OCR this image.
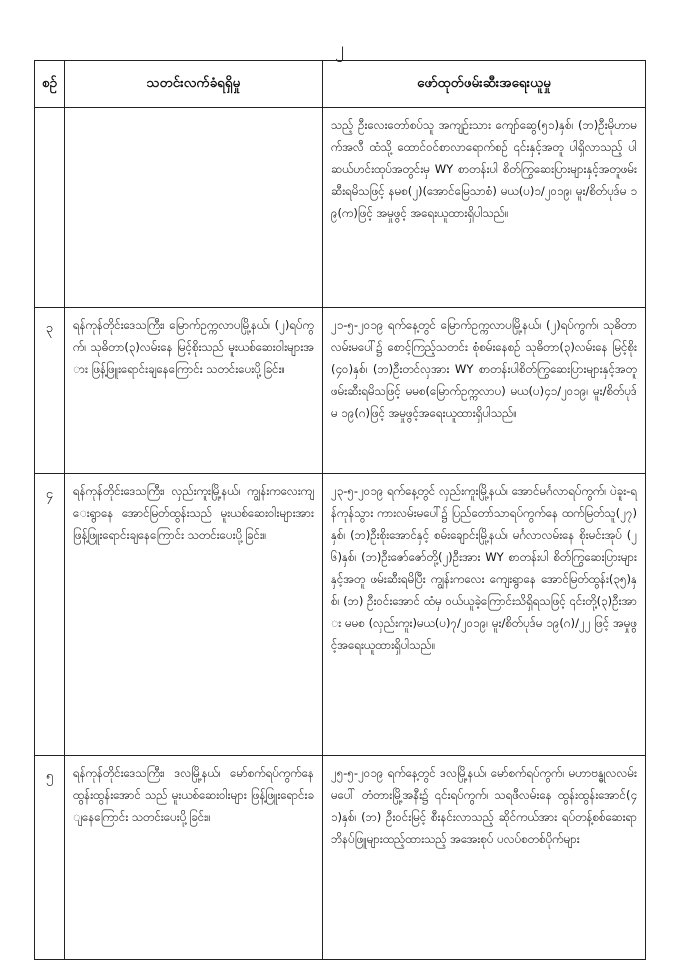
၂
စဉ်	သတင်းလက်ခံရရှိမှု	ဖော်ထုတ်ဖမ်းဆီးအရေးယူမှု
		သည့် ဦးလေးတော်စပ်သူ အကျဉ်းသား ကျော်ဆွေ(၅၁)နှစ်၊ (ဘ)ဦးမိုဟာမက်အလီ ထံသို့ ထောင်ဝင်စာလာရောက်စဉ် ၎င်းနှင့်အတူ ပါရှိလာသည့် ပါဆယ်ဟင်းထုပ်အတွင်းမှ WY စာတန်းပါ စိတ်ကြွဆေးပြားများနှင့်အတူဖမ်းဆီးရမိသဖြင့် နမစ(၂)(အောင်မြေသာစံ) မယ(ပ)၁/၂၀၁၉၊ မူး/စိတ်ပုဒ်မ ၁၉(က)ဖြင့် အမှုဖွင့် အရေးယူထားရှိပါသည်။
၃	ရန်ကုန်တိုင်းဒေသကြီး၊ မြောက်ဥက္ကလာပမြို့နယ်၊ (၂)ရပ်ကွက်၊ သုဓိတာ(၃)လမ်းနေ မြင့်စိုးသည် မူးယစ်ဆေးဝါးများအား ဖြန့်ဖြူးရောင်းချနေကြောင်း သတင်းပေးပို့ခြင်း။	၂၁-၅-၂၀၁၉ ရက်နေ့တွင် မြောက်ဥက္ကလာပမြို့နယ်၊ (၂)ရပ်ကွက်၊ သုဓိတာလမ်းမပေါ်၌ စောင့်ကြည့်သတင်း စုံစမ်းနေစဉ် သုဓိတာ(၃)လမ်းနေ မြင့်စိုး(၄၀)နှစ်၊ (ဘ)ဦးတင်လှအား WY စာတန်းပါစိတ်ကြွဆေးပြားများနှင့်အတူ ဖမ်းဆီးရမိသဖြင့် မမစ(မြောက်ဥက္ကလာပ) မယ(ပ)၄၁/၂၀၁၉၊ မူး/စိတ်ပုဒ်မ ၁၉(ဂ)ဖြင့် အမှုဖွင့်အရေးယူထားရှိပါသည်။
၄	ရန်ကုန်တိုင်းဒေသကြီး၊ လှည်းကူးမြို့နယ်၊ ကျွန်းကလေးကျေးရွာနေ အောင်မြတ်ထွန်းသည် မူးယစ်ဆေးဝါးများအား ဖြန့်ဖြူးရောင်းချနေကြောင်း သတင်းပေးပို့ခြင်း။	၂၃-၅-၂၀၁၉ ရက်နေ့တွင် လှည်းကူးမြို့နယ်၊ အောင်မင်္ဂလာရပ်ကွက်၊ ပဲခူး-ရန်ကုန်သွား ကားလမ်းမပေါ်၌ ပြည်တော်သာရပ်ကွက်နေ ထက်မြတ်သူ(၂၇)နှစ်၊ (ဘ)ဦးစိုးအောင်နှင့် စမ်းချောင်းမြို့နယ်၊ မင်္ဂလာလမ်းနေ စိုးမင်းအုပ် (၂၆)နှစ်၊ (ဘ)ဦးဇော်ဇော်တို့(၂)ဦးအား WY စာတန်းပါ စိတ်ကြွဆေးပြားများနှင့်အတူ ဖမ်းဆီးရမိပြီး ကျွန်းကလေး ကျေးရွာနေ အောင်မြတ်ထွန်း(၃၅)နှစ်၊ (ဘ) ဦးဝင်းအောင် ထံမှ ဝယ်ယူခဲ့ကြောင်းသိရှိရသဖြင့် ၎င်းတို့(၃)ဦးအား မမစ (လှည်းကူး)မယ(ပ)၇/၂၀၁၉၊ မူး/စိတ်ပုဒ်မ ၁၉(ဂ)/၂၂ ဖြင့် အမှုဖွင့်အရေးယူထားရှိပါသည်။
၅	ရန်ကုန်တိုင်းဒေသကြီး၊ ဒလမြို့နယ်၊ မော်စက်ရပ်ကွက်နေ ထွန်းထွန်းအောင် သည် မူးယစ်ဆေးဝါးများ ဖြန့်ဖြူးရောင်းချနေကြောင်း သတင်းပေးပို့ခြင်း။	၂၅-၅-၂၀၁၉ ရက်နေ့တွင် ဒလမြို့နယ်၊ မော်စက်ရပ်ကွက်၊ မဟာဗန္ဓုလလမ်းမပေါ် တံတားမြို့အနီး၌ ၎င်းရပ်ကွက်၊ သရဖီလမ်းနေ ထွန်းထွန်းအောင်(၄၁)နှစ်၊ (ဘ) ဦးဝင်းမြင့် စီးနင်းလာသည့် ဆိုင်ကယ်အား ရပ်တန့်စစ်ဆေးရာ ဘိနပ်ဖြူများထည့်ထားသည့် အအေးစုပ် ပလပ်စတစ်ပိုက်များ
